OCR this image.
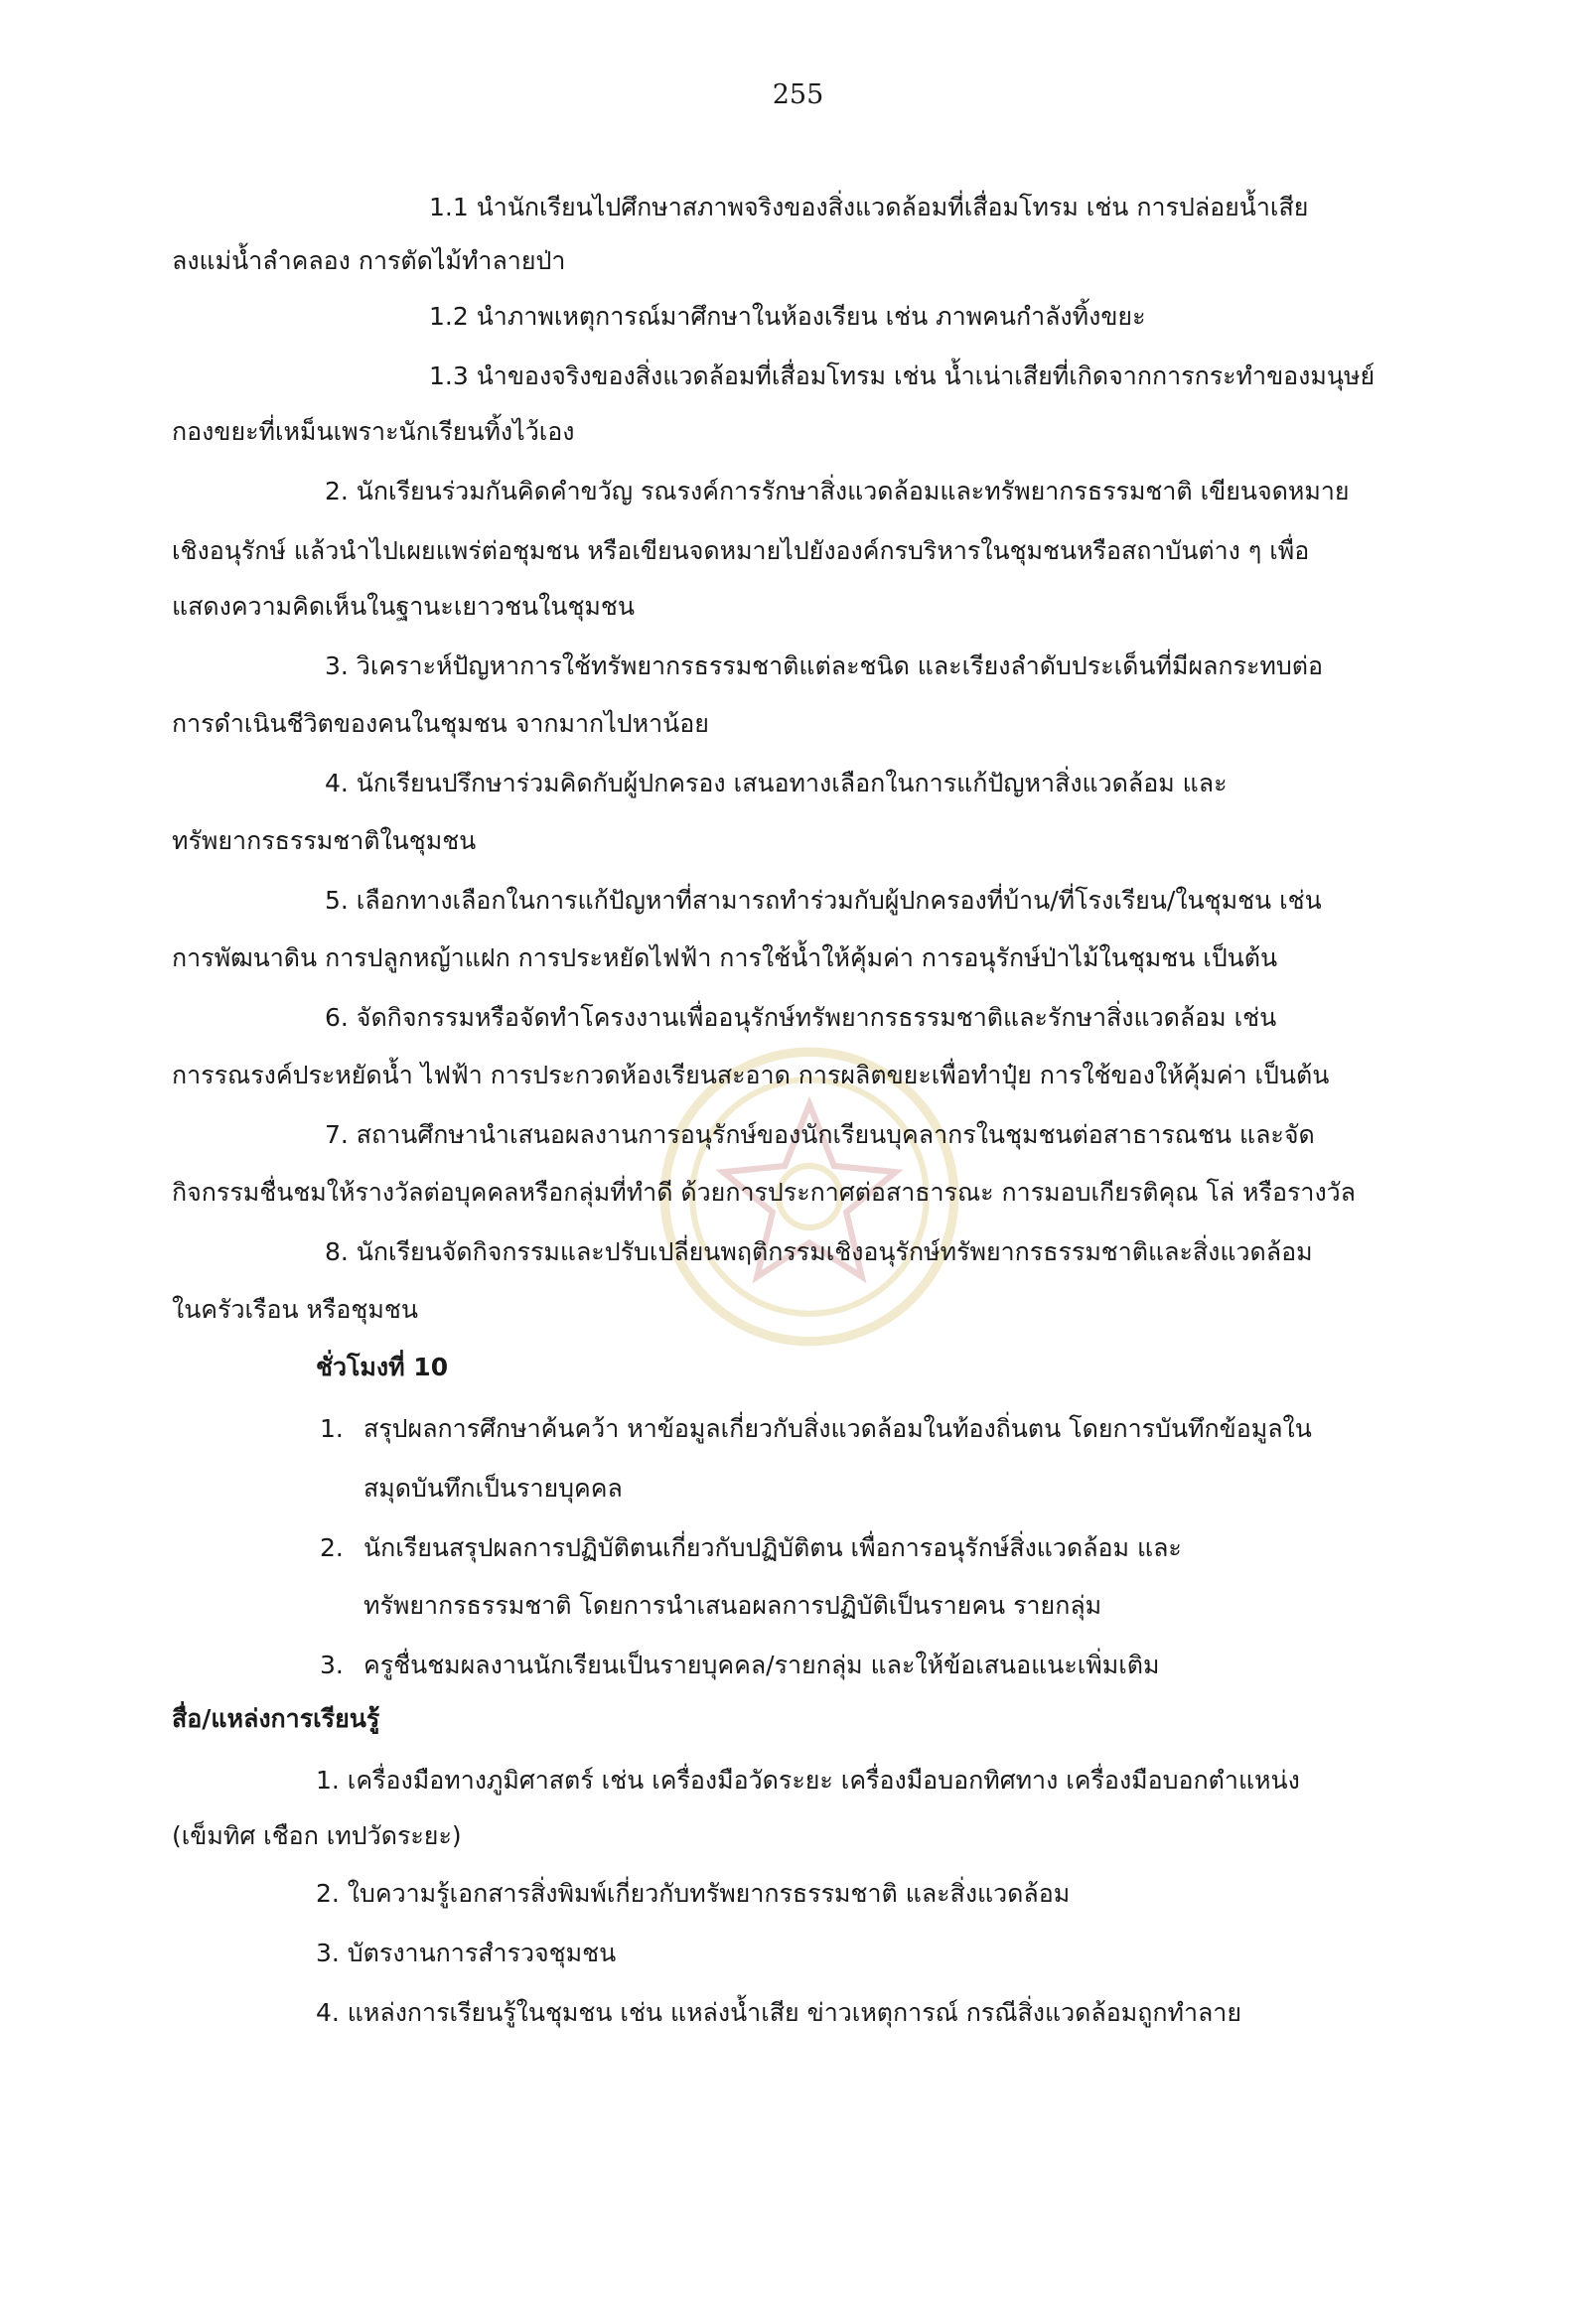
255
1.1 นำนักเรียนไปศึกษาสภาพจริงของสิ่งแวดล้อมที่เสื่อมโทรม เช่น การปล่อยน้ำเสีย
ลงแม่น้ำลำคลอง การตัดไม้ทำลายป่า
1.2 นำภาพเหตุการณ์มาศึกษาในห้องเรียน เช่น ภาพคนกำลังทิ้งขยะ
1.3 นำของจริงของสิ่งแวดล้อมที่เสื่อมโทรม เช่น น้ำเน่าเสียที่เกิดจากการกระทำของมนุษย์
กองขยะที่เหม็นเพราะนักเรียนทิ้งไว้เอง
2. นักเรียนร่วมกันคิดคำขวัญ รณรงค์การรักษาสิ่งแวดล้อมและทรัพยากรธรรมชาติ เขียนจดหมาย
เชิงอนุรักษ์ แล้วนำไปเผยแพร่ต่อชุมชน หรือเขียนจดหมายไปยังองค์กรบริหารในชุมชนหรือสถาบันต่าง ๆ เพื่อ
แสดงความคิดเห็นในฐานะเยาวชนในชุมชน
3. วิเคราะห์ปัญหาการใช้ทรัพยากรธรรมชาติแต่ละชนิด และเรียงลำดับประเด็นที่มีผลกระทบต่อ
การดำเนินชีวิตของคนในชุมชน จากมากไปหาน้อย
4. นักเรียนปรึกษาร่วมคิดกับผู้ปกครอง เสนอทางเลือกในการแก้ปัญหาสิ่งแวดล้อม และ
ทรัพยากรธรรมชาติในชุมชน
5. เลือกทางเลือกในการแก้ปัญหาที่สามารถทำร่วมกับผู้ปกครองที่บ้าน/ที่โรงเรียน/ในชุมชน เช่น
การพัฒนาดิน การปลูกหญ้าแฝก การประหยัดไฟฟ้า การใช้น้ำให้คุ้มค่า การอนุรักษ์ป่าไม้ในชุมชน เป็นต้น
6. จัดกิจกรรมหรือจัดทำโครงงานเพื่ออนุรักษ์ทรัพยากรธรรมชาติและรักษาสิ่งแวดล้อม เช่น
การรณรงค์ประหยัดน้ำ ไฟฟ้า การประกวดห้องเรียนสะอาด การผลิตขยะเพื่อทำปุ๋ย การใช้ของให้คุ้มค่า เป็นต้น
7. สถานศึกษานำเสนอผลงานการอนุรักษ์ของนักเรียนบุคลากรในชุมชนต่อสาธารณชน และจัด
กิจกรรมชื่นชมให้รางวัลต่อบุคคลหรือกลุ่มที่ทำดี ด้วยการประกาศต่อสาธารณะ การมอบเกียรติคุณ โล่ หรือรางวัล
8. นักเรียนจัดกิจกรรมและปรับเปลี่ยนพฤติกรรมเชิงอนุรักษ์ทรัพยากรธรรมชาติและสิ่งแวดล้อม
ในครัวเรือน หรือชุมชน
ชั่วโมงที่ 10
1. สรุปผลการศึกษาค้นคว้า หาข้อมูลเกี่ยวกับสิ่งแวดล้อมในท้องถิ่นตน โดยการบันทึกข้อมูลใน
สมุดบันทึกเป็นรายบุคคล
2. นักเรียนสรุปผลการปฏิบัติตนเกี่ยวกับปฏิบัติตน เพื่อการอนุรักษ์สิ่งแวดล้อม และ
ทรัพยากรธรรมชาติ โดยการนำเสนอผลการปฏิบัติเป็นรายคน รายกลุ่ม
3. ครูชื่นชมผลงานนักเรียนเป็นรายบุคคล/รายกลุ่ม และให้ข้อเสนอแนะเพิ่มเติม
สื่อ/แหล่งการเรียนรู้
1. เครื่องมือทางภูมิศาสตร์ เช่น เครื่องมือวัดระยะ เครื่องมือบอกทิศทาง เครื่องมือบอกตำแหน่ง
(เข็มทิศ เชือก เทปวัดระยะ)
2. ใบความรู้เอกสารสิ่งพิมพ์เกี่ยวกับทรัพยากรธรรมชาติ และสิ่งแวดล้อม
3. บัตรงานการสำรวจชุมชน
4. แหล่งการเรียนรู้ในชุมชน เช่น แหล่งน้ำเสีย ข่าวเหตุการณ์ กรณีสิ่งแวดล้อมถูกทำลาย
